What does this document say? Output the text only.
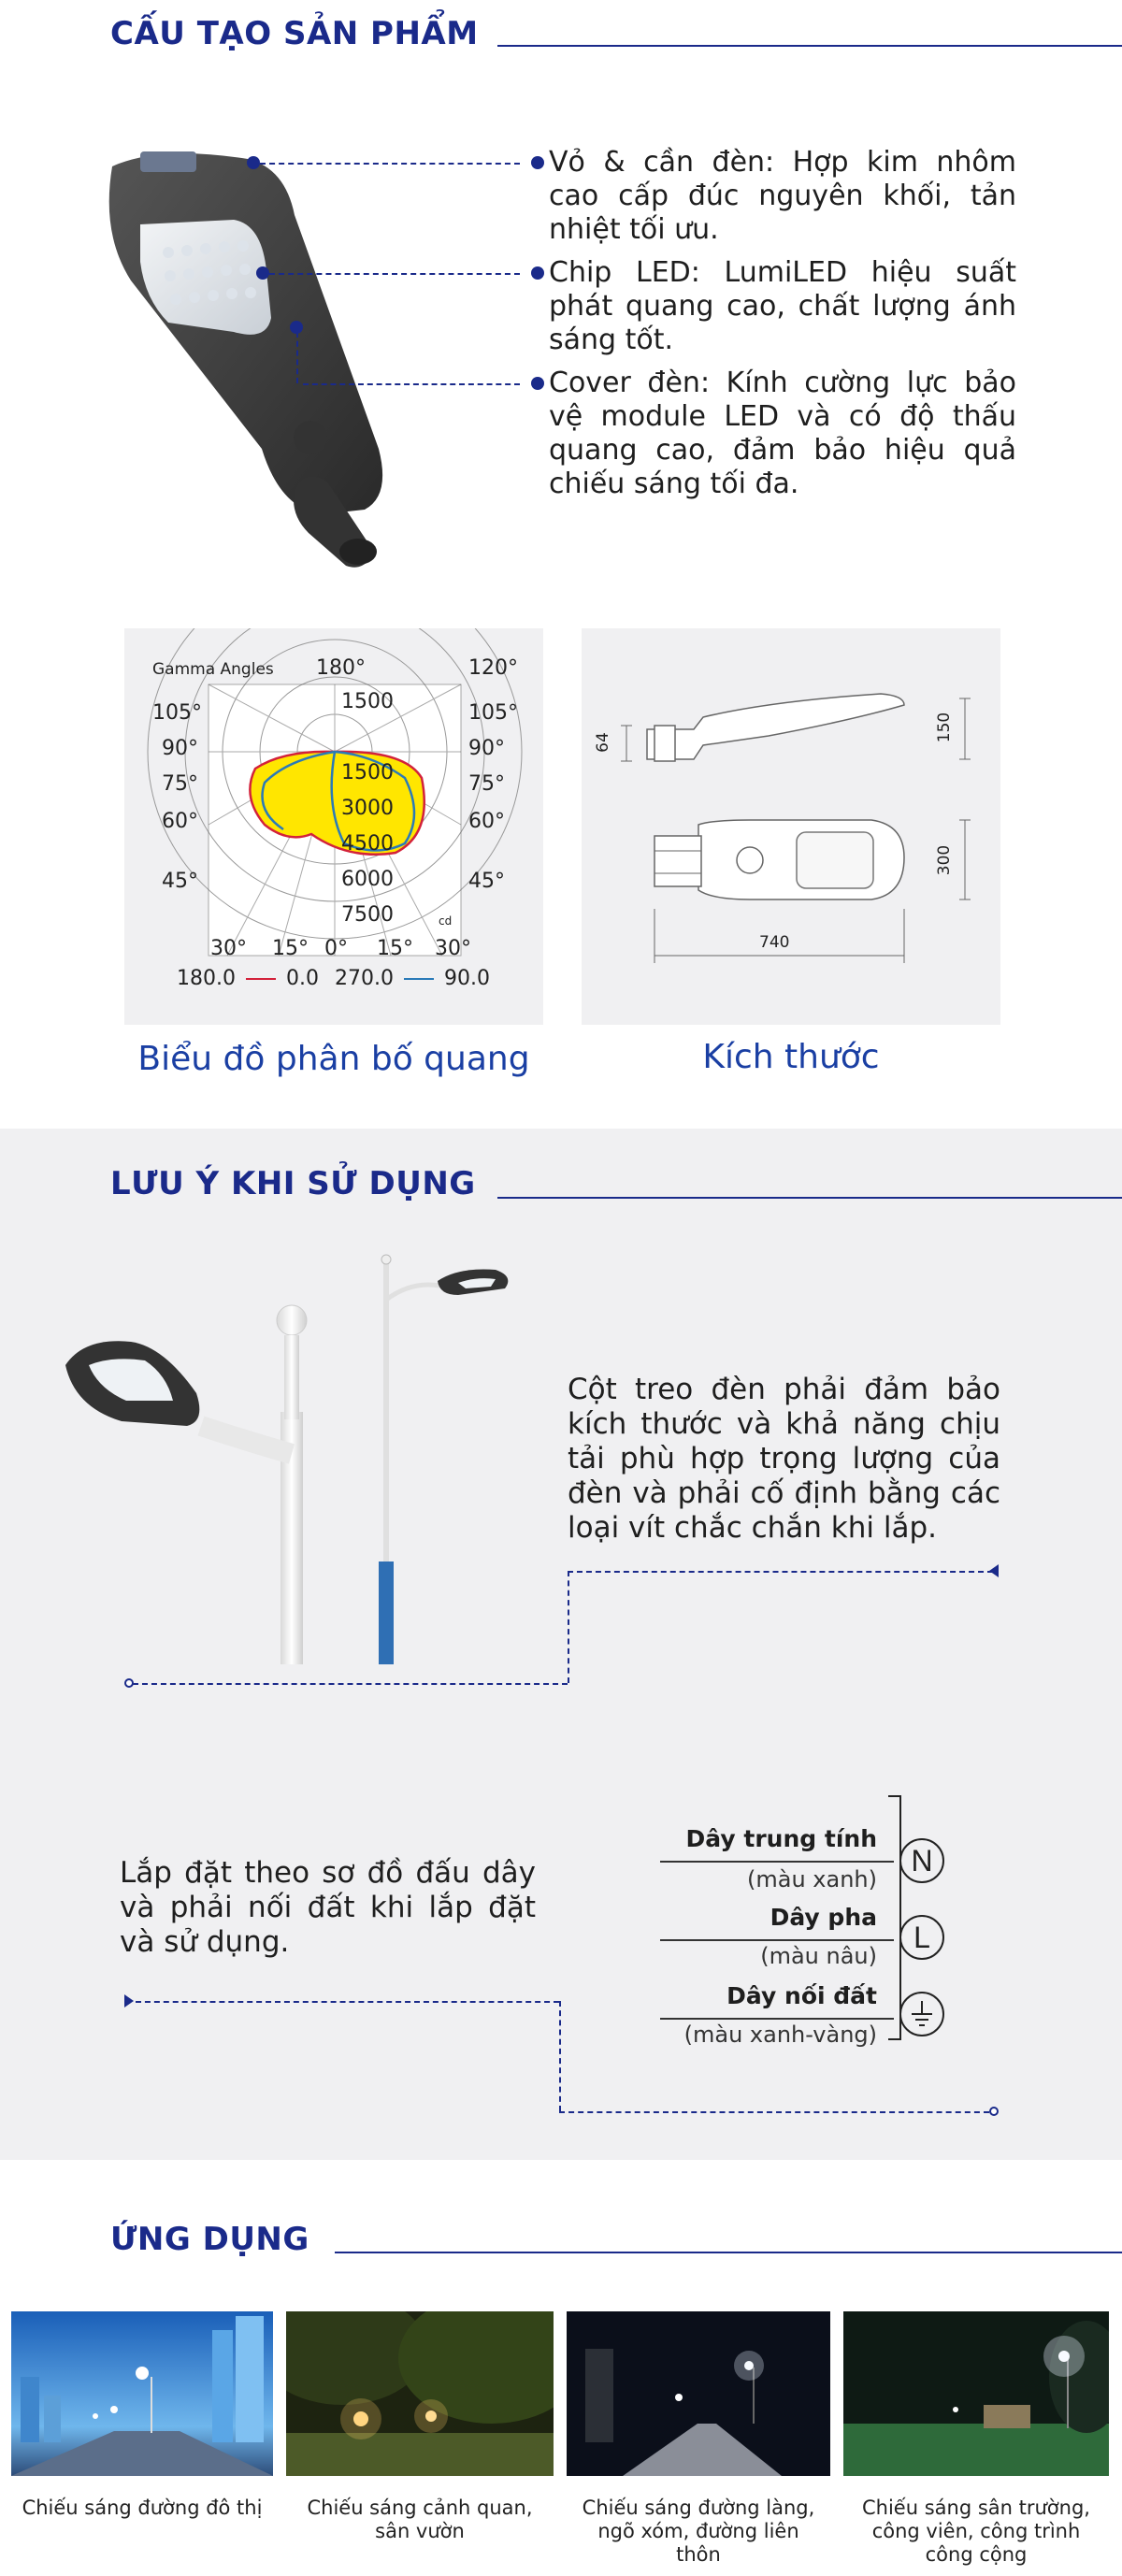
CẤU TẠO SẢN PHẨM
Vỏ & cần đèn: Hợp kim nhôm cao cấp đúc nguyên khối, tản nhiệt tối ưu.
Chip LED: LumiLED hiệu suất phát quang cao, chất lượng ánh sáng tốt.
Cover đèn: Kính cường lực bảo vệ module LED và có độ thấu quang cao, đảm bảo hiệu quả chiếu sáng tối đa.
Gamma Angles 180°	120°
105°
90°
75°
60°
45°
105°
90°
75°
60°
45°
1500
1500
3000
4500
6000
7500	cd
30° 15° 0° 15° 30°
180.0 0.0 270.0 90.0
64	150
300
740
Biểu đồ phân bố quang	Kích thước
LƯU Ý KHI SỬ DỤNG
Cột treo đèn phải đảm bảo kích thước và khả năng chịu tải phù hợp trọng lượng của đèn và phải cố định bằng các loại vít chắc chắn khi lắp.
Lắp đặt theo sơ đồ đấu dây và phải nối đất khi lắp đặt và sử dụng.
Dây trung tính
(màu xanh)
N
Dây pha
(màu nâu)
L
Dây nối đất
(màu xanh-vàng)
ỨNG DỤNG
Chiếu sáng đường đô thị	Chiếu sáng cảnh quan, sân vườn
Chiếu sáng đường làng, ngõ xóm, đường liên thôn
Chiếu sáng sân trường, công viên, công trình công cộng
